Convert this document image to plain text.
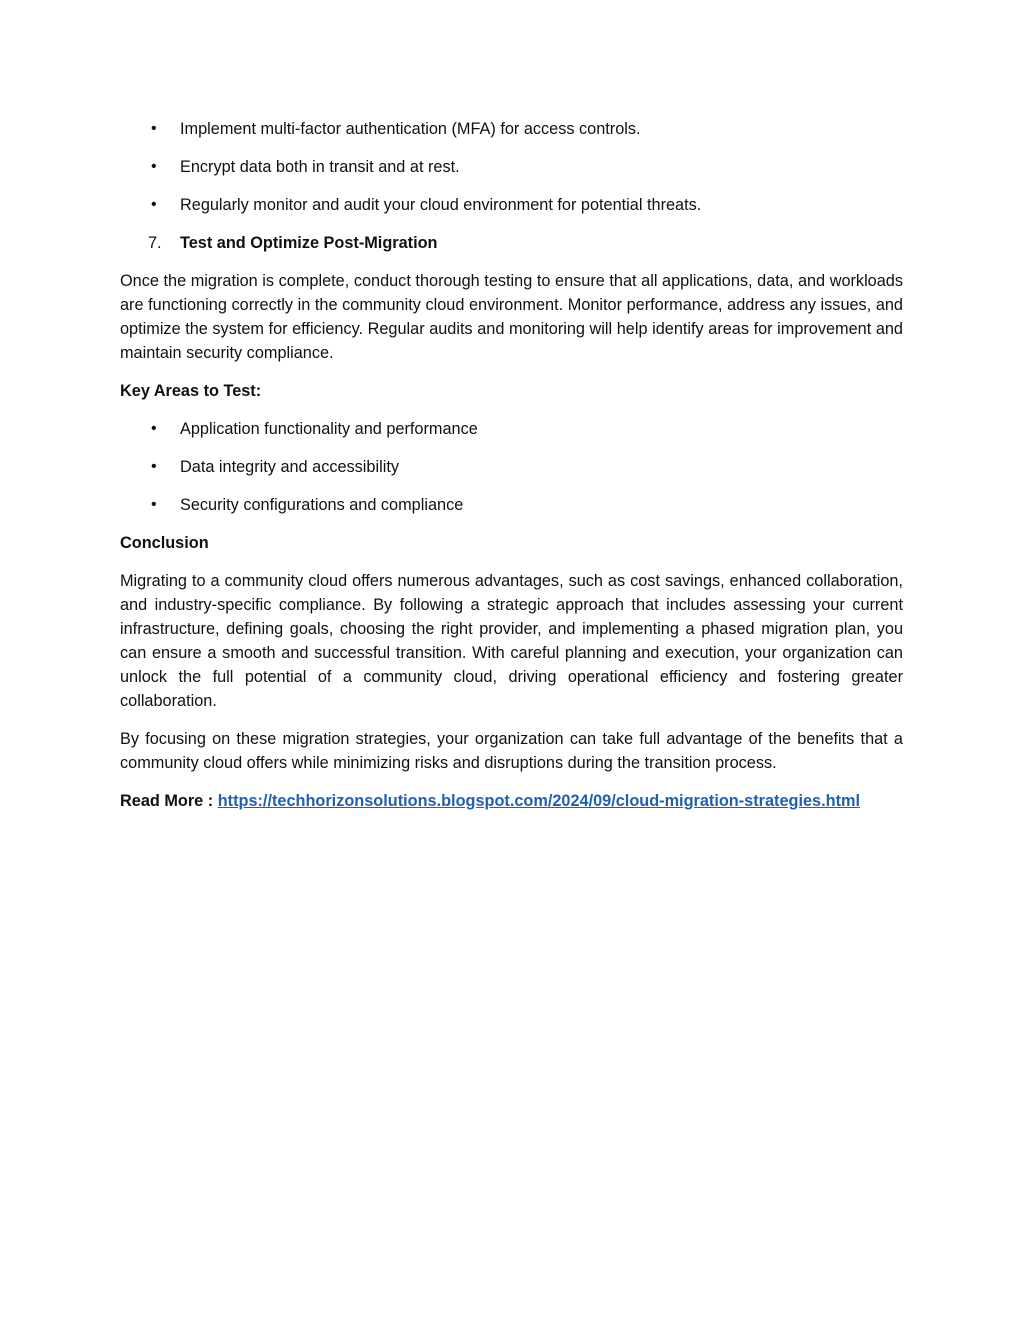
• Implement multi-factor authentication (MFA) for access controls.
• Encrypt data both in transit and at rest.
• Regularly monitor and audit your cloud environment for potential threats.
7. Test and Optimize Post-Migration

Once the migration is complete, conduct thorough testing to ensure that all applications, data, and workloads are functioning correctly in the community cloud environment. Monitor performance, address any issues, and optimize the system for efficiency. Regular audits and monitoring will help identify areas for improvement and maintain security compliance.

Key Areas to Test:
• Application functionality and performance
• Data integrity and accessibility
• Security configurations and compliance
Conclusion

Migrating to a community cloud offers numerous advantages, such as cost savings, enhanced collaboration, and industry-specific compliance. By following a strategic approach that includes assessing your current infrastructure, defining goals, choosing the right provider, and implementing a phased migration plan, you can ensure a smooth and successful transition. With careful planning and execution, your organization can unlock the full potential of a community cloud, driving operational efficiency and fostering greater collaboration.

By focusing on these migration strategies, your organization can take full advantage of the benefits that a community cloud offers while minimizing risks and disruptions during the transition process.

Read More : https://techhorizonsolutions.blogspot.com/2024/09/cloud-migration-strategies.html
